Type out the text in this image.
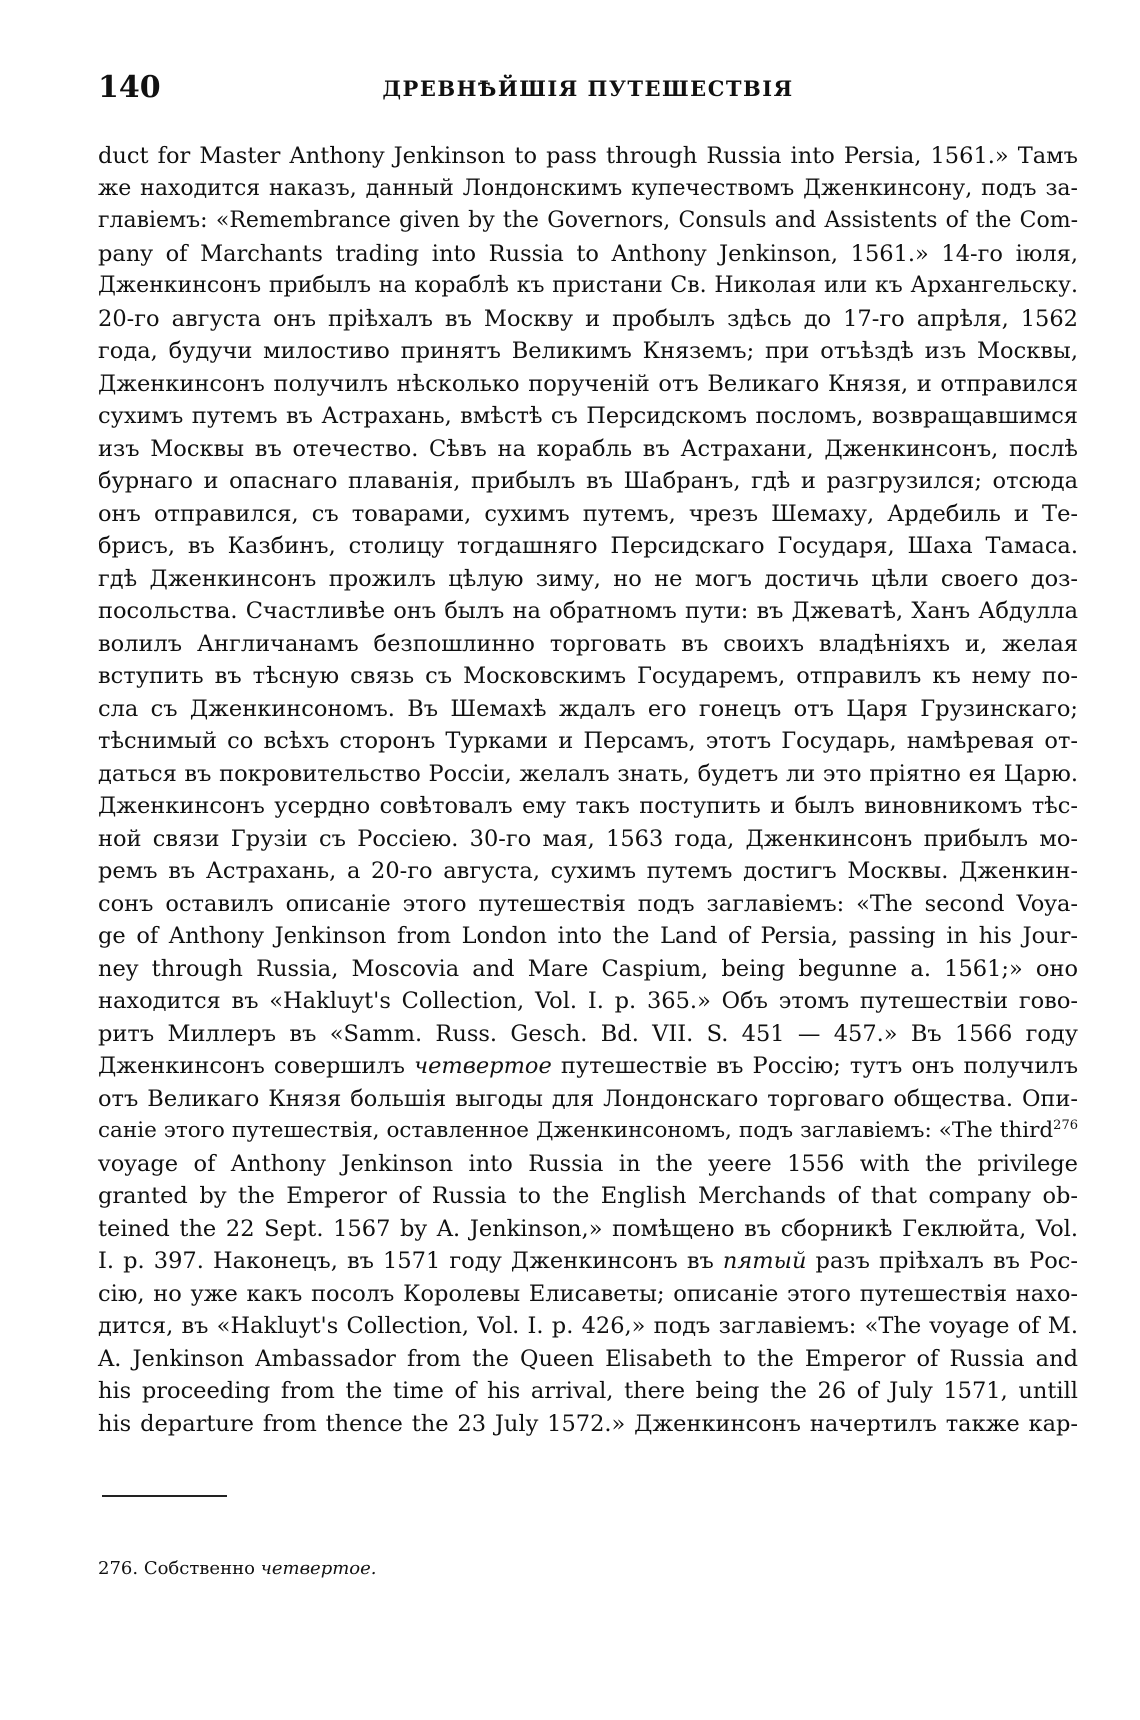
140	ДРЕВНѢЙШІЯ ПУТЕШЕСТВІЯ
duct for Master Anthony Jenkinson to pass through Russia into Persia, 1561.» Тамъ
же находится наказъ, данный Лондонскимъ купечествомъ Дженкинсону, подъ за-
главіемъ: «Remembrance given by the Governors, Consuls and Assistents of the Com-
pany of Marchants trading into Russia to Anthony Jenkinson, 1561.» 14-го іюля,
Дженкинсонъ прибылъ на кораблѣ къ пристани Св. Николая или къ Архангельску.
20-го августа онъ пріѣхалъ въ Москву и пробылъ здѣсь до 17-го апрѣля, 1562
года, будучи милостиво принятъ Великимъ Княземъ; при отъѣздѣ изъ Москвы,
Дженкинсонъ получилъ нѣсколько порученій отъ Великаго Князя, и отправился
сухимъ путемъ въ Астрахань, вмѣстѣ съ Персидскомъ посломъ, возвращавшимся
изъ Москвы въ отечество. Сѣвъ на корабль въ Астрахани, Дженкинсонъ, послѣ
бурнаго и опаснаго плаванія, прибылъ въ Шабранъ, гдѣ и разгрузился; отсюда
онъ отправился, съ товарами, сухимъ путемъ, чрезъ Шемаху, Ардебиль и Те-
брисъ, въ Казбинъ, столицу тогдашняго Персидскаго Государя, Шаха Тамаса.
гдѣ Дженкинсонъ прожилъ цѣлую зиму, но не могъ достичь цѣли своего доз-
посольства. Счастливѣе онъ былъ на обратномъ пути: въ Джеватѣ, Ханъ Абдулла
волилъ Англичанамъ безпошлинно торговать въ своихъ владѣніяхъ и, желая
вступить въ тѣсную связь съ Московскимъ Государемъ, отправилъ къ нему по-
сла съ Дженкинсономъ. Въ Шемахѣ ждалъ его гонецъ отъ Царя Грузинскаго;
тѣснимый со всѣхъ сторонъ Турками и Персамъ, этотъ Государь, намѣревая от-
даться въ покровительство Россіи, желалъ знать, будетъ ли это пріятно ея Царю.
Дженкинсонъ усердно совѣтовалъ ему такъ поступить и былъ виновникомъ тѣс-
ной связи Грузіи съ Россіею. 30-го мая, 1563 года, Дженкинсонъ прибылъ мо-
ремъ въ Астрахань, а 20-го августа, сухимъ путемъ достигъ Москвы. Дженкин-
сонъ оставилъ описаніе этого путешествія подъ заглавіемъ: «The second Voya-
ge of Anthony Jenkinson from London into the Land of Persia, passing in his Jour-
ney through Russia, Moscovia and Mare Caspium, being begunne a. 1561;» оно
находится въ «Hakluyt's Collection, Vol. I. p. 365.» Объ этомъ путешествіи гово-
ритъ Миллеръ въ «Samm. Russ. Gesch. Bd. VII. S. 451 — 457.» Въ 1566 году
Дженкинсонъ совершилъ четвертое путешествіе въ Россію; тутъ онъ получилъ
отъ Великаго Князя большія выгоды для Лондонскаго торговаго общества. Опи-
саніе этого путешествія, оставленное Дженкинсономъ, подъ заглавіемъ: «The third$^{276}$
voyage of Anthony Jenkinson into Russia in the yeere 1556 with the privilege
granted by the Emperor of Russia to the English Merchands of that company ob-
teined the 22 Sept. 1567 by A. Jenkinson,» помѣщено въ сборникѣ Геклюйта, Vol.
I. p. 397. Наконецъ, въ 1571 году Дженкинсонъ въ пятый разъ пріѣхалъ въ Рос-
сію, но уже какъ посолъ Королевы Елисаветы; описаніе этого путешествія нахо-
дится, въ «Hakluyt's Collection, Vol. I. p. 426,» подъ заглавіемъ: «The voyage of M.
A. Jenkinson Ambassador from the Queen Elisabeth to the Emperor of Russia and
his proceeding from the time of his arrival, there being the 26 of July 1571, untill
his departure from thence the 23 July 1572.» Дженкинсонъ начертилъ также кар-
276. Собственно четвертое.
